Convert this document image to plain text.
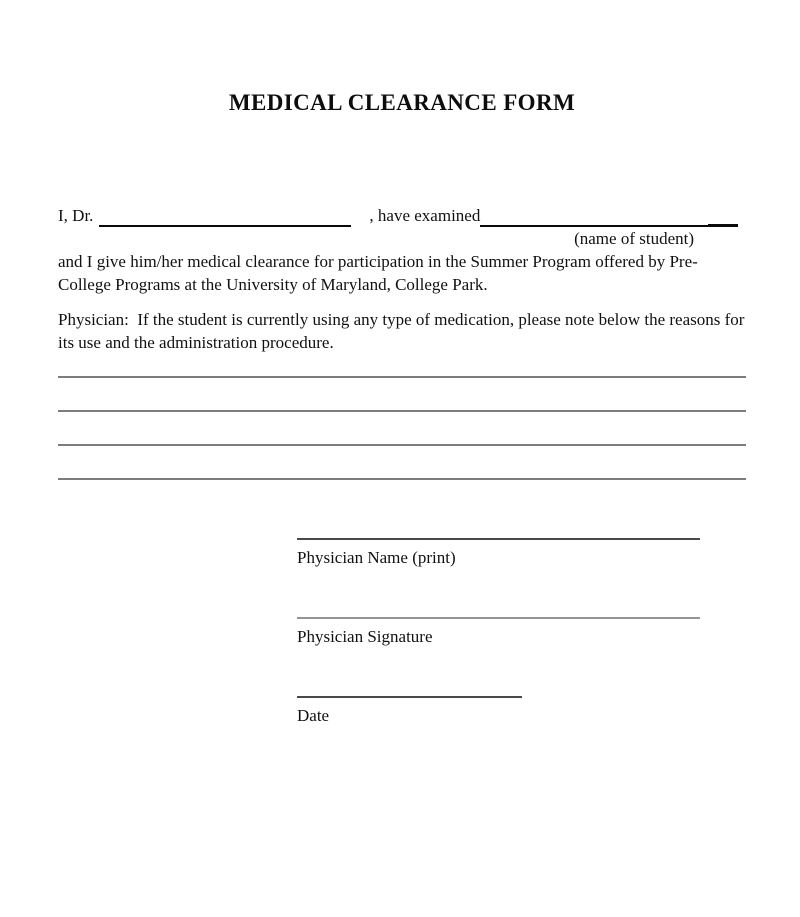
MEDICAL CLEARANCE FORM
I, Dr.	, have examined
(name of student)
and I give him/her medical clearance for participation in the Summer Program offered by Pre-College Programs at the University of Maryland, College Park.
Physician:  If the student is currently using any type of medication, please note below the reasons for its use and the administration procedure.
Physician Name (print)
Physician Signature
Date
